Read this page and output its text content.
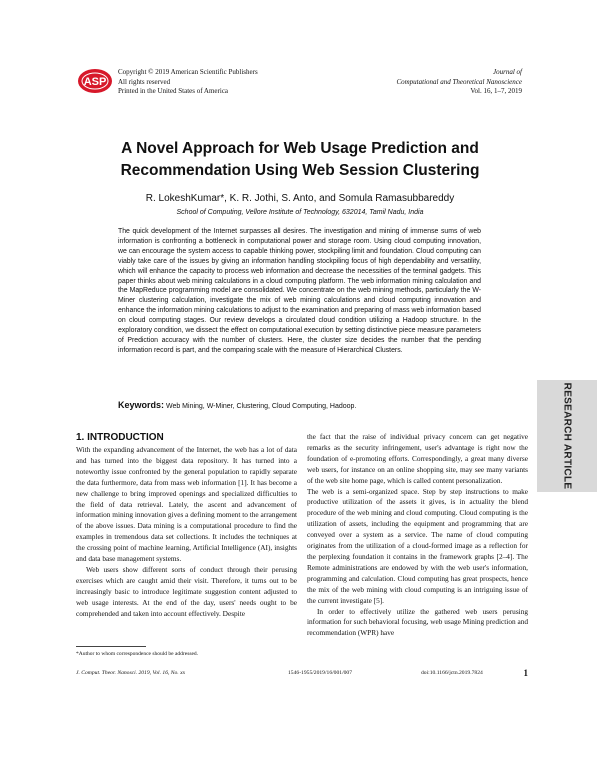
ASP
Copyright © 2019 American Scientific Publishers
All rights reserved
Printed in the United States of America
Journal of
Computational and Theoretical Nanoscience
Vol. 16, 1–7, 2019
A Novel Approach for Web Usage Prediction and
Recommendation Using Web Session Clustering
R. LokeshKumar*, K. R. Jothi, S. Anto, and Somula Ramasubbareddy
School of Computing, Vellore Institute of Technology, 632014, Tamil Nadu, India
The quick development of the Internet surpasses all desires. The investigation and mining of immense sums of web information is confronting a bottleneck in computational power and storage room. Using cloud computing innovation, we can encourage the system access to capable thinking power, stockpiling limit and foundation. Cloud computing can viably take care of the issues by giving an information handling stockpiling focus of high dependability and versatility, which will enhance the capacity to process web information and decrease the necessities of the terminal gadgets. This paper thinks about web mining calculations in a cloud computing platform. The web information mining calculation and the MapReduce programming model are consolidated. We concentrate on the web mining methods, particularly the W-Miner clustering calculation, investigate the mix of web mining calculations and cloud computing innovation and enhance the information mining calculations to adjust to the examination and preparing of mass web information based on cloud computing stages. Our review develops a circulated cloud condition utilizing a Hadoop structure. In the exploratory condition, we dissect the effect on computational execution by setting distinctive piece measure parameters of Prediction accuracy with the number of clusters. Here, the cluster size decides the number that the pending information record is part, and the comparing scale with the measure of Hierarchical Clusters.
Keywords: Web Mining, W-Miner, Clustering, Cloud Computing, Hadoop.	RESEARCH ARTICLE
1. INTRODUCTION

With the expanding advancement of the Internet, the web has a lot of data and has turned into the biggest data repository. It has turned into a noteworthy issue confronted by the general population to rapidly separate the data furthermore, data from mass web information [1]. It has become a new challenge to bring improved openings and specialized difficulties to the field of data retrieval. Lately, the ascent and advancement of information mining innovation gives a defining moment to the arrangement of the above issues. Data mining is a computational procedure to find the examples in tremendous data set collections. It includes the techniques at the crossing point of machine learning, Artificial Intelligence (AI), insights and data base management systems.

Web users show different sorts of conduct through their perusing exercises which are caught amid their visit. Therefore, it turns out to be increasingly basic to introduce legitimate suggestion content adjusted to web usage interests. At the end of the day, users' needs ought to be comprehended and taken into account effectively. Despite

the fact that the raise of individual privacy concern can get negative remarks as the security infringement, user's advantage is right now the foundation of e-promoting efforts. Correspondingly, a great many diverse web users, for instance on an online shopping site, may see many variants of the web site home page, which is called content personalization.

The web is a semi-organized space. Step by step instructions to make productive utilization of the assets it gives, is in actuality the blend procedure of the web mining and cloud computing. Cloud computing is the utilization of assets, including the equipment and programming that are conveyed over a system as a service. The name of cloud computing originates from the utilization of a cloud-formed image as a reflection for the perplexing foundation it contains in the framework graphs [2–4]. The Remote administrations are endowed by with the web user's information, programming and calculation. Cloud computing has great prospects, hence the mix of the web mining with cloud computing is an intriguing issue of the current investigate [5].

In order to effectively utilize the gathered web users perusing information for such behavioral focusing, web usage Mining prediction and recommendation (WPR) have

*Author to whom correspondence should be addressed.
J. Comput. Theor. Nanosci. 2019, Vol. 16, No. xx	1546-1955/2019/16/001/007	doi:10.1166/jctn.2019.7824	1
